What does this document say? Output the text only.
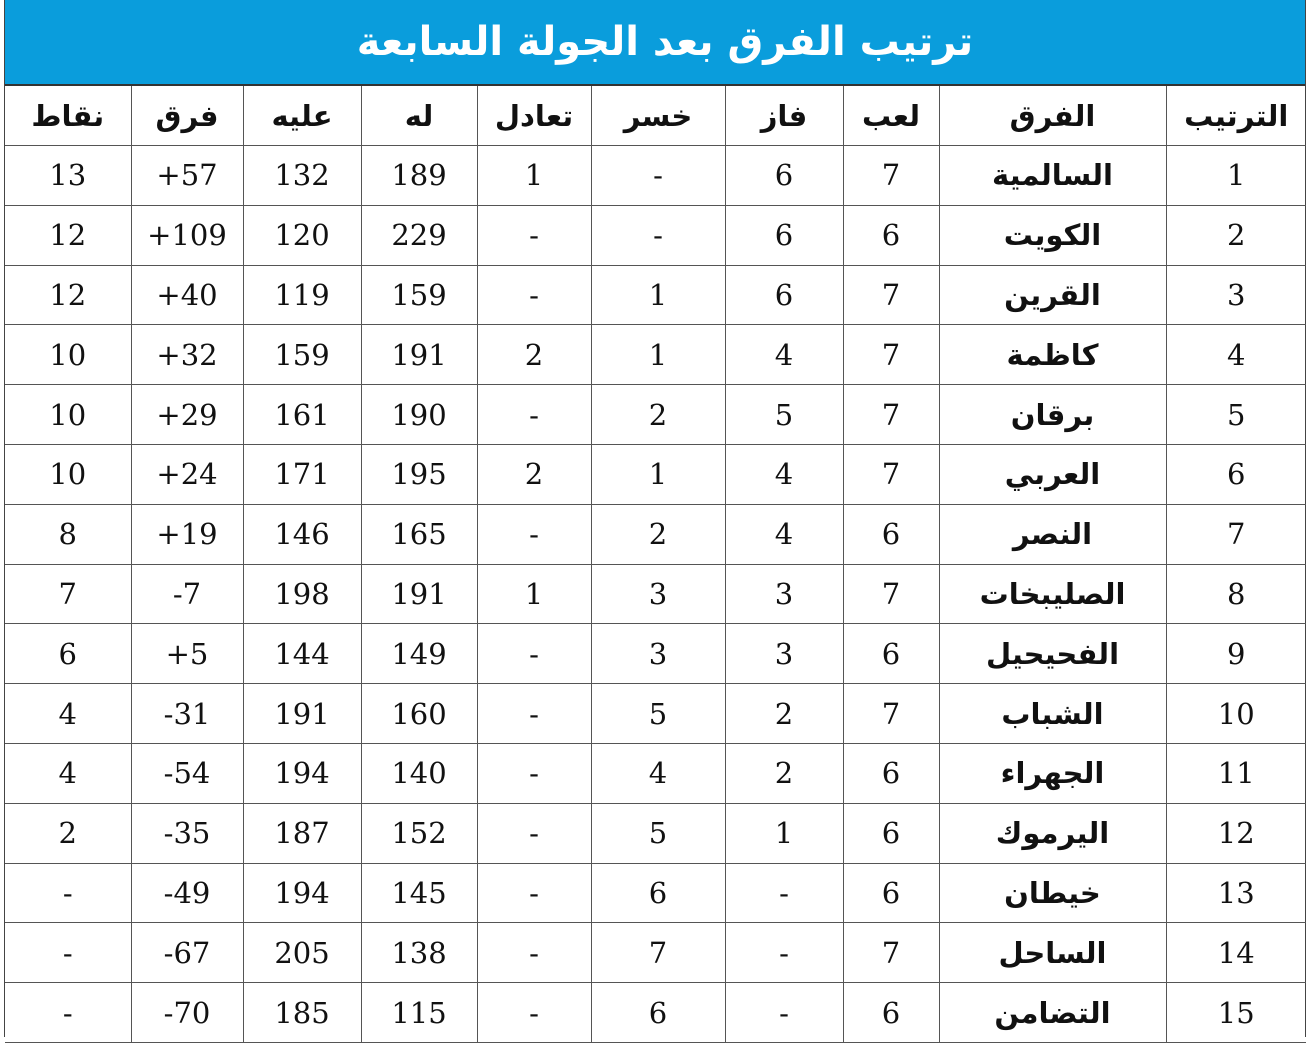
ترتيب الفرق بعد الجولة السابعة
نقاط	فرق	عليه	له	تعادل	خسر	فاز	لعب	الفرق	الترتيب
13	+57	132	189	1	-	6	7	السالمية	1
12	+109	120	229	-	-	6	6	الكويت	2
12	+40	119	159	-	1	6	7	القرين	3
10	+32	159	191	2	1	4	7	كاظمة	4
10	+29	161	190	-	2	5	7	برقان	5
10	+24	171	195	2	1	4	7	العربي	6
8	+19	146	165	-	2	4	6	النصر	7
7	-7	198	191	1	3	3	7	الصليبخات	8
6	+5	144	149	-	3	3	6	الفحيحيل	9
4	-31	191	160	-	5	2	7	الشباب	10
4	-54	194	140	-	4	2	6	الجهراء	11
2	-35	187	152	-	5	1	6	اليرموك	12
-	-49	194	145	-	6	-	6	خيطان	13
-	-67	205	138	-	7	-	7	الساحل	14
-	-70	185	115	-	6	-	6	التضامن	15
